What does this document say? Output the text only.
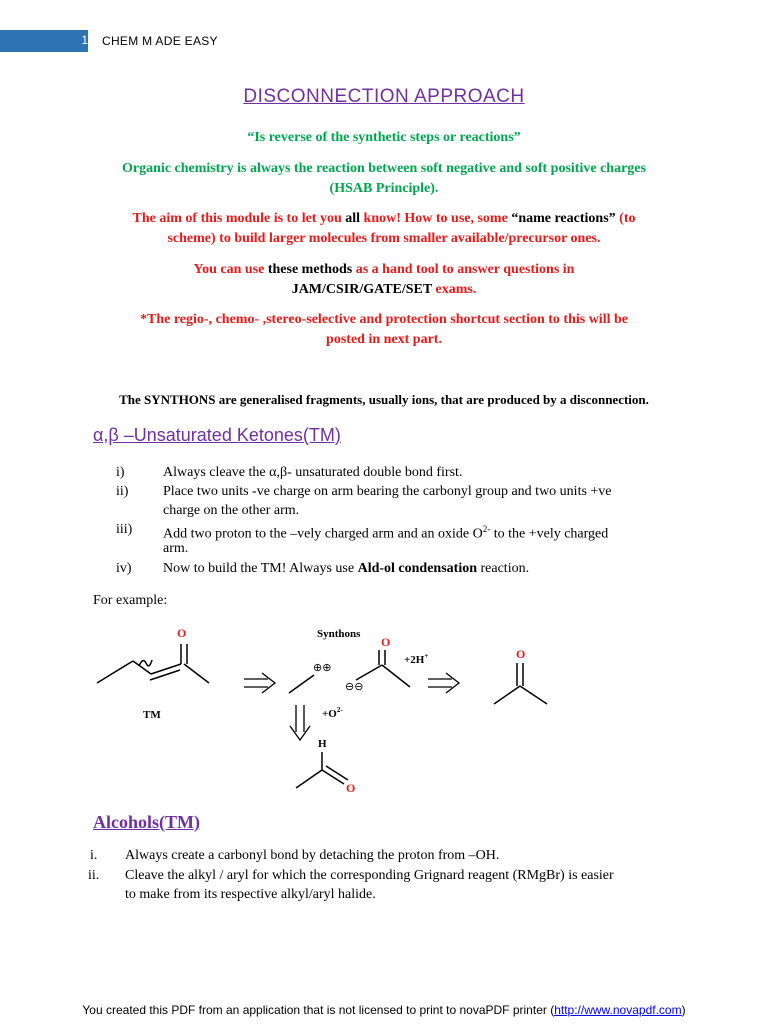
1 CHEM M ADE EASY
DISCONNECTION APPROACH
“Is reverse of the synthetic steps or reactions”
Organic chemistry is always the reaction between soft negative and soft positive charges
(HSAB Principle).
The aim of this module is to let you all know! How to use, some “name reactions” (to
scheme) to build larger molecules from smaller available/precursor ones.
You can use these methods as a hand tool to answer questions in
JAM/CSIR/GATE/SET exams.
*The regio-, chemo- ,stereo-selective and protection shortcut section to this will be
posted in next part.
The SYNTHONS are generalised fragments, usually ions, that are produced by a disconnection.
α,β –Unsaturated Ketones(TM)
i)	Always cleave the α,β- unsaturated double bond first.
ii) Place two units -ve charge on arm bearing the carbonyl group and two units +ve
charge on the other arm.
iii) Add two proton to the –vely charged arm and an oxide $O^{2-}$ to the +vely charged
arm.
iv) Now to build the TM! Always use Ald-ol condensation reaction.
For example:
O
TM
Synthons
⊕⊕
⊖⊖
O
+2H+	O
$+O^{2-}$
H
O
Alcohols(TM)
i. Always create a carbonyl bond by detaching the proton from –OH.
ii. Cleave the alkyl / aryl for which the corresponding Grignard reagent (RMgBr) is easier
to make from its respective alkyl/aryl halide.
You created this PDF from an application that is not licensed to print to novaPDF printer (http://www.novapdf.com)
